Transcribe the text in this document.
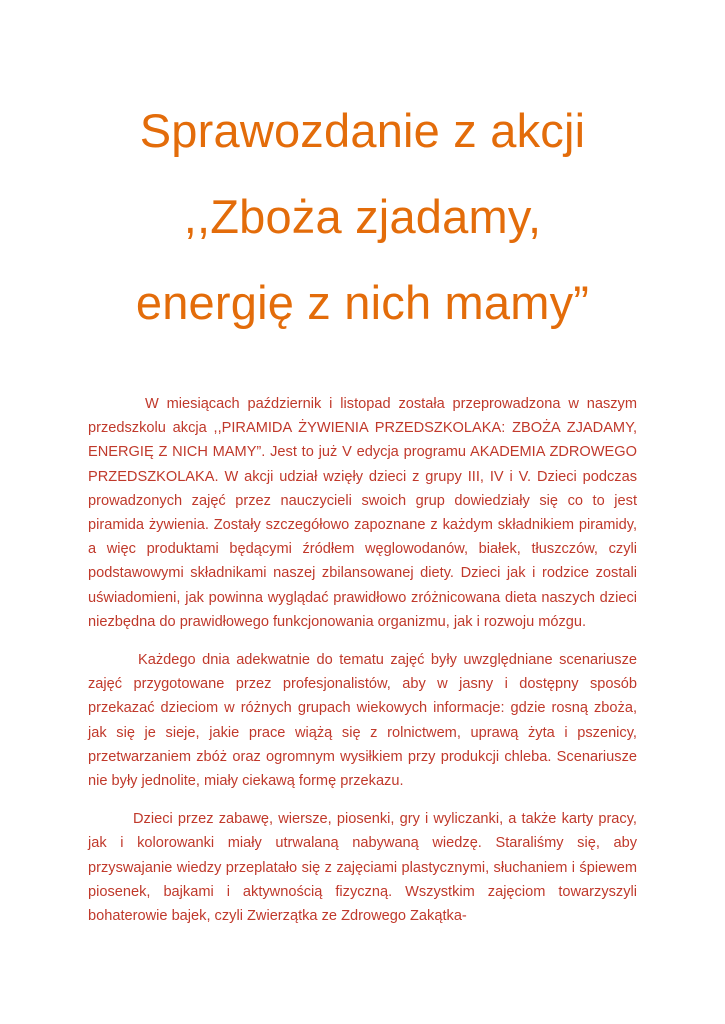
Sprawozdanie z akcji
,,Zboża zjadamy,
energię z nich mamy”

W miesiącach październik i listopad została przeprowadzona w naszym przedszkolu akcja ,,PIRAMIDA ŻYWIENIA PRZEDSZKOLAKA: ZBOŻA ZJADAMY, ENERGIĘ Z NICH MAMY”. Jest to już V edycja programu AKADEMIA ZDROWEGO PRZEDSZKOLAKA. W akcji udział wzięły dzieci z grupy III, IV i V. Dzieci podczas prowadzonych zajęć przez nauczycieli swoich grup dowiedziały się co to jest piramida żywienia. Zostały szczegółowo zapoznane z każdym składnikiem piramidy, a więc produktami będącymi źródłem węglowodanów, białek, tłuszczów, czyli podstawowymi składnikami naszej zbilansowanej diety. Dzieci jak i rodzice zostali uświadomieni, jak powinna wyglądać prawidłowo zróżnicowana dieta naszych dzieci niezbędna do prawidłowego funkcjonowania organizmu, jak i rozwoju mózgu.

Każdego dnia adekwatnie do tematu zajęć były uwzględniane scenariusze zajęć przygotowane przez profesjonalistów, aby w jasny i dostępny sposób przekazać dzieciom w różnych grupach wiekowych informacje: gdzie rosną zboża, jak się je sieje, jakie prace wiążą się z rolnictwem, uprawą żyta i pszenicy, przetwarzaniem zbóż oraz ogromnym wysiłkiem przy produkcji chleba. Scenariusze nie były jednolite, miały ciekawą formę przekazu.

Dzieci przez zabawę, wiersze, piosenki, gry i wyliczanki, a także karty pracy, jak i kolorowanki miały utrwalaną nabywaną wiedzę. Staraliśmy się, aby przyswajanie wiedzy przeplatało się z zajęciami plastycznymi, słuchaniem i śpiewem piosenek, bajkami i aktywnością fizyczną. Wszystkim zajęciom towarzyszyli bohaterowie bajek, czyli Zwierzątka ze Zdrowego Zakątka-
